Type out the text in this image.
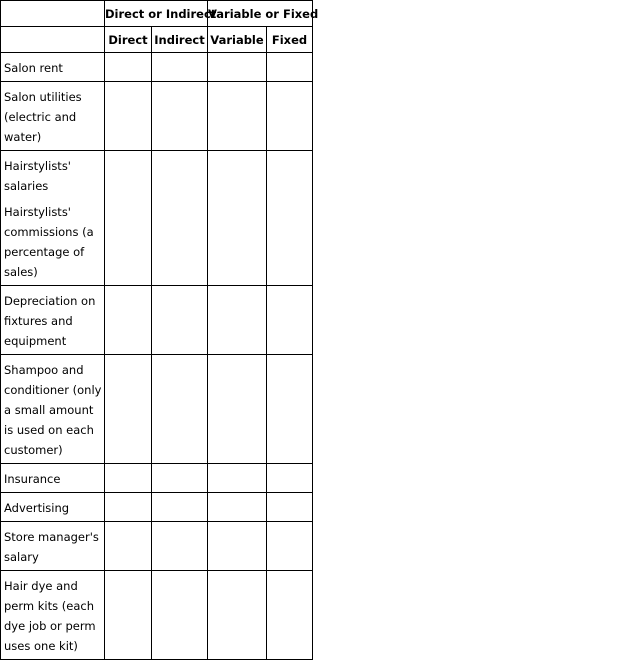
	Direct or Indirect		Variable or Fixed	
	Direct	Indirect	Variable	Fixed

Salon rent				

Salon utilities (electric and water)				

Hairstylists' salaries
Hairstylists' commissions (a percentage of sales)				

Depreciation on fixtures and equipment				

Shampoo and conditioner (only a small amount is used on each customer)				

Insurance				

Advertising				

Store manager's salary				

Hair dye and perm kits (each dye job or perm uses one kit)				
